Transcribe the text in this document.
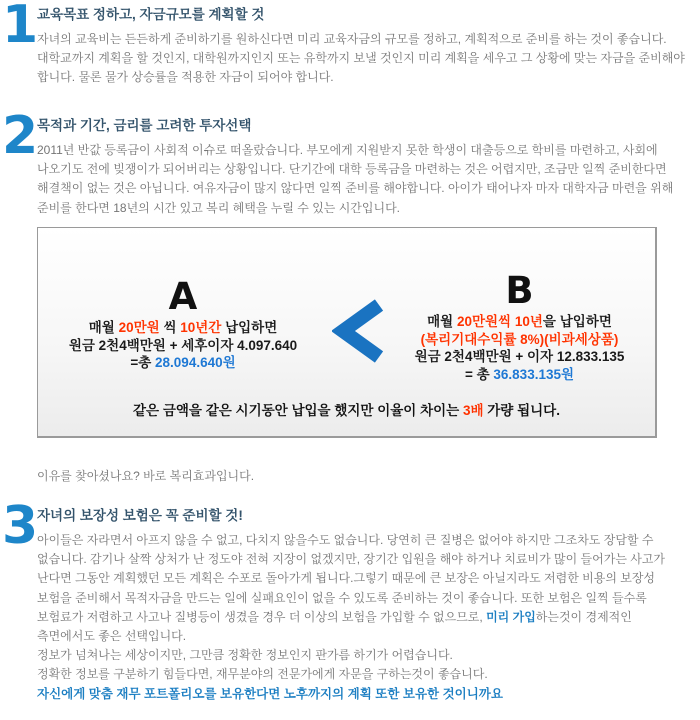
1 교육목표 정하고, 자금규모를 계획할 것

자녀의 교육비는 든든하게 준비하기를 원하신다면 미리 교육자금의 규모를 정하고, 계획적으로 준비를 하는 것이 좋습니다. 대학교까지 계획을 할 것인지, 대학원까지인지 또는 유학까지 보낼 것인지 미리 계획을 세우고 그 상황에 맞는 자금을 준비해야 합니다. 물론 물가 상승률을 적용한 자금이 되어야 합니다.

2 목적과 기간, 금리를 고려한 투자선택

2011년 반값 등록금이 사회적 이슈로 떠올랐습니다. 부모에게 지원받지 못한 학생이 대출등으로 학비를 마련하고, 사회에 나오기도 전에 빚쟁이가 되어버리는 상황입니다. 단기간에 대학 등록금을 마련하는 것은 어렵지만, 조금만 일찍 준비한다면 해결책이 없는 것은 아닙니다. 여유자금이 많지 않다면 일찍 준비를 해야합니다. 아이가 태어나자 마자 대학자금 마련을 위해 준비를 한다면 18년의 시간 있고 복리 혜택을 누릴 수 있는 시간입니다.

A
매월 20만원 씩 10년간 납입하면
원금 2천4백만원 + 세후이자 4.097.640
=총 28.094.640원
B
매월 20만원씩 10년을 납입하면
(복리기대수익률 8%)(비과세상품)
원금 2천4백만원 + 이자 12.833.135
= 총 36.833.135원
같은 금액을 같은 시기동안 납입을 했지만 이율이 차이는 3배 가량 됩니다.

이유를 찾아셨나요? 바로 복리효과입니다.

3 자녀의 보장성 보험은 꼭 준비할 것!

아이들은 자라면서 아프지 않을 수 없고, 다치지 않을수도 없습니다. 당연히 큰 질병은 없어야 하지만 그조차도 장담할 수 없습니다. 감기나 살짝 상처가 난 정도야 전혀 지장이 없겠지만, 장기간 입원을 해야 하거나 치료비가 많이 들어가는 사고가 난다면 그동안 계획했던 모든 계획은 수포로 돌아가게 됩니다.그렇기 때문에 큰 보장은 아닐지라도 저렴한 비용의 보장성 보험을 준비해서 목적자금을 만드는 일에 실패요인이 없을 수 있도록 준비하는 것이 좋습니다. 또한 보험은 일찍 들수록 보험료가 저렴하고 사고나 질병등이 생겼을 경우 더 이상의 보험을 가입할 수 없으므로, 미리 가입하는것이 경제적인 측면에서도 좋은 선택입니다.

정보가 넘쳐나는 세상이지만, 그만큼 정확한 정보인지 판가름 하기가 어렵습니다.

정확한 정보를 구분하기 힘들다면, 재무분야의 전문가에게 자문을 구하는것이 좋습니다.

자신에게 맞춤 재무 포트폴리오를 보유한다면 노후까지의 계획 또한 보유한 것이니까요
